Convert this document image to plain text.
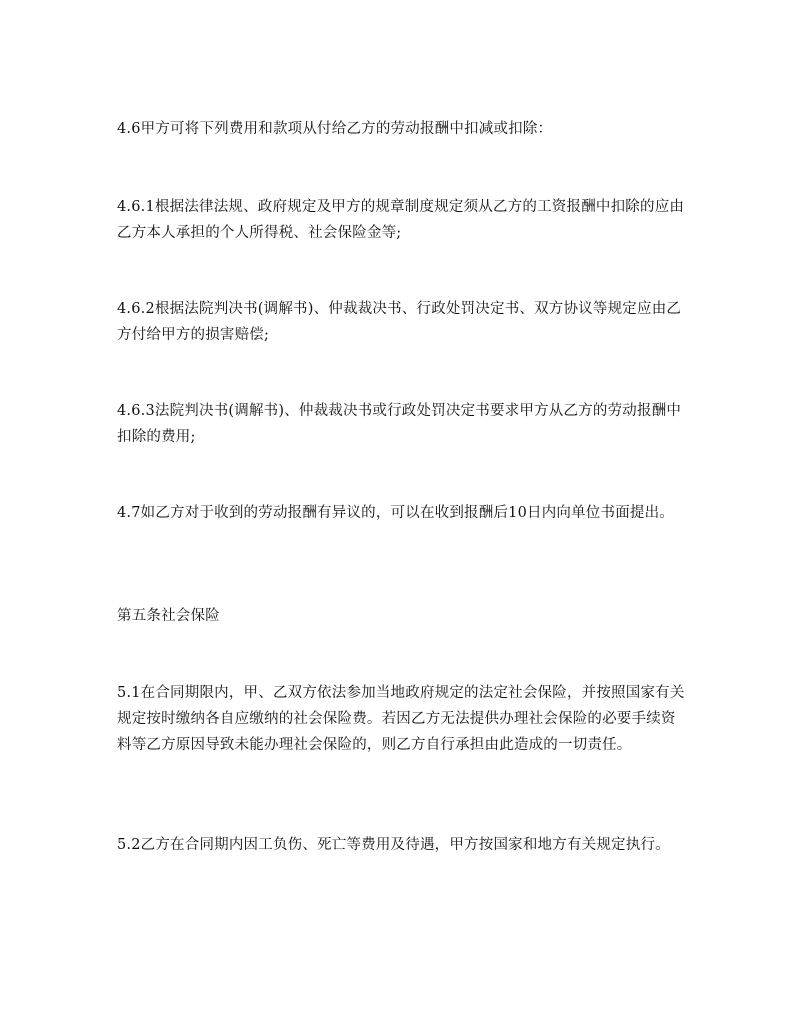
4.6甲方可将下列费用和款项从付给乙方的劳动报酬中扣减或扣除：

4.6.1根据法律法规、政府规定及甲方的规章制度规定须从乙方的工资报酬中扣除的应由乙方本人承担的个人所得税、社会保险金等;

4.6.2根据法院判决书(调解书)、仲裁裁决书、行政处罚决定书、双方协议等规定应由乙方付给甲方的损害赔偿;

4.6.3法院判决书(调解书)、仲裁裁决书或行政处罚决定书要求甲方从乙方的劳动报酬中扣除的费用;

4.7如乙方对于收到的劳动报酬有异议的，可以在收到报酬后10日内向单位书面提出。

第五条社会保险

5.1在合同期限内，甲、乙双方依法参加当地政府规定的法定社会保险，并按照国家有关规定按时缴纳各自应缴纳的社会保险费。若因乙方无法提供办理社会保险的必要手续资料等乙方原因导致未能办理社会保险的，则乙方自行承担由此造成的一切责任。

5.2乙方在合同期内因工负伤、死亡等费用及待遇，甲方按国家和地方有关规定执行。
